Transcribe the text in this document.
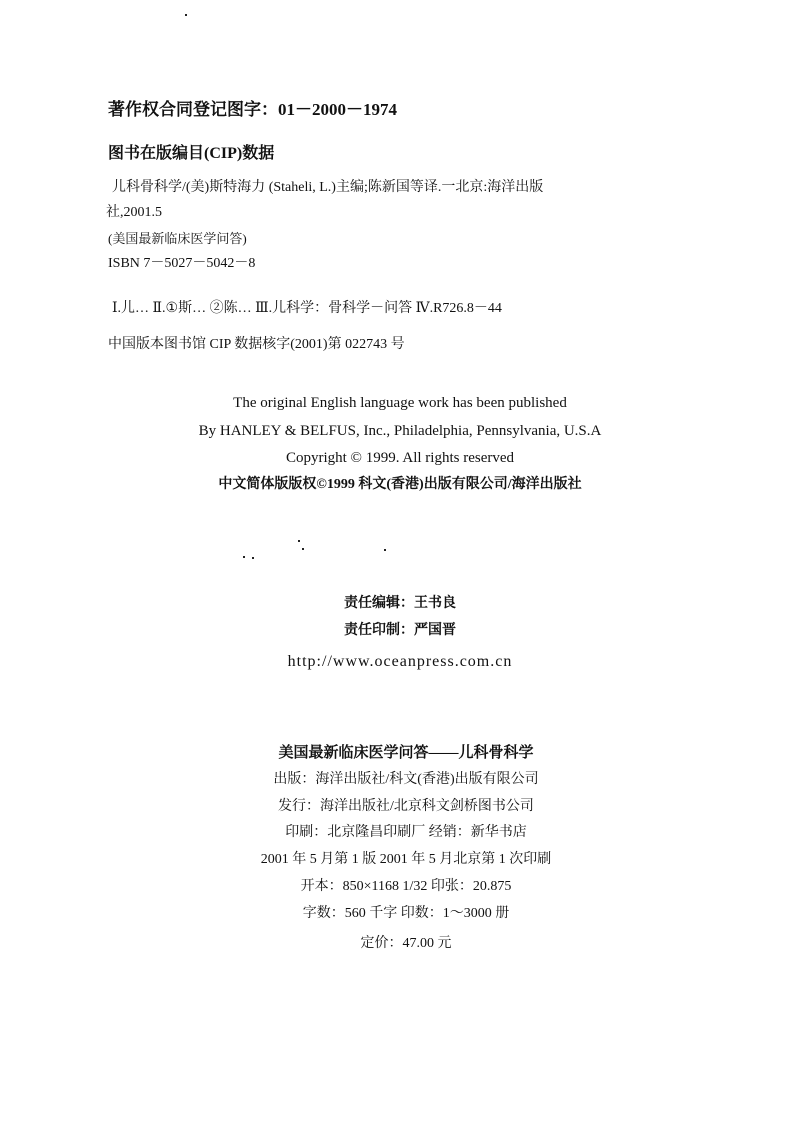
著作权合同登记图字：01－2000－1974
图书在版编目(CIP)数据
儿科骨科学/(美)斯特海力 (Staheli, L.)主编;陈新国等译.一北京:海洋出版
社,2001.5
(美国最新临床医学问答)
ISBN 7－5027－5042－8
Ⅰ.儿… Ⅱ.①斯… ②陈… Ⅲ.儿科学：骨科学－问答 Ⅳ.R726.8－44
中国版本图书馆 CIP 数据核字(2001)第 022743 号
The original English language work has been published
By HANLEY & BELFUS, Inc., Philadelphia, Pennsylvania, U.S.A
Copyright © 1999. All rights reserved
中文简体版版权©1999 科文(香港)出版有限公司/海洋出版社
责任编辑：王书良
责任印制：严国晋
http://www.oceanpress.com.cn
美国最新临床医学问答——儿科骨科学
出版：海洋出版社/科文(香港)出版有限公司
发行：海洋出版社/北京科文剑桥图书公司
印刷：北京隆昌印刷厂 经销：新华书店
2001 年 5 月第 1 版 2001 年 5 月北京第 1 次印刷
开本：850×1168 1/32 印张：20.875
字数：560 千字 印数：1～3000 册
定价：47.00 元
